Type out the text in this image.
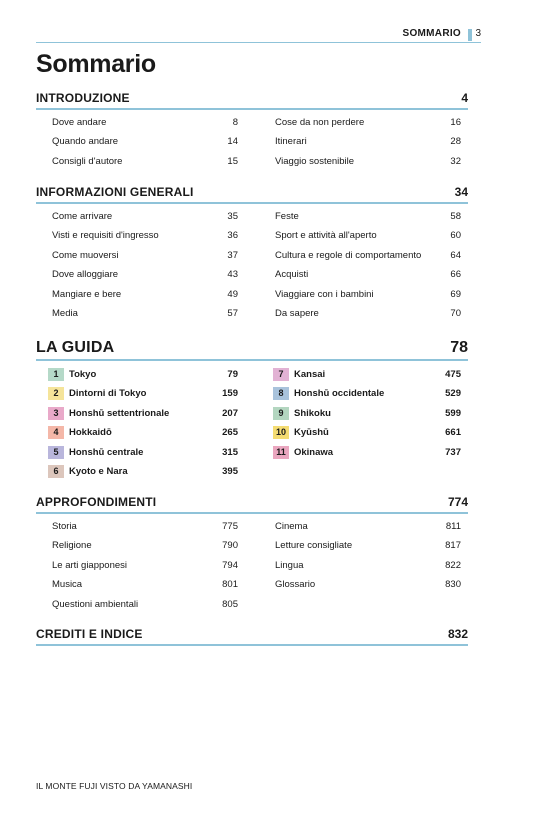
SOMMARIO 3
Sommario
INTRODUZIONE	4
Dove andare	8
Quando andare	14
Consigli d'autore	15
Cose da non perdere	16
Itinerari	28
Viaggio sostenibile	32
INFORMAZIONI GENERALI	34
Come arrivare	35
Visti e requisiti d'ingresso	36
Come muoversi	37
Dove alloggiare	43
Mangiare e bere	49
Media	57
Feste	58
Sport e attività all'aperto	60
Cultura e regole di comportamento	64
Acquisti	66
Viaggiare con i bambini	69
Da sapere	70
LA GUIDA	78
1	Tokyo	79
2	Dintorni di Tokyo	159
3	Honshū settentrionale	207
4	Hokkaidō	265
5	Honshū centrale	315
6	Kyoto e Nara	395
7	Kansai	475
8	Honshū occidentale	529
9	Shikoku	599
10 Kyūshū	661
11 Okinawa	737
APPROFONDIMENTI	774
Storia	775
Religione	790
Le arti giapponesi	794
Musica	801
Questioni ambientali	805
Cinema	811
Letture consigliate	817
Lingua	822
Glossario	830
CREDITI E INDICE	832
IL MONTE FUJI VISTO DA YAMANASHI
